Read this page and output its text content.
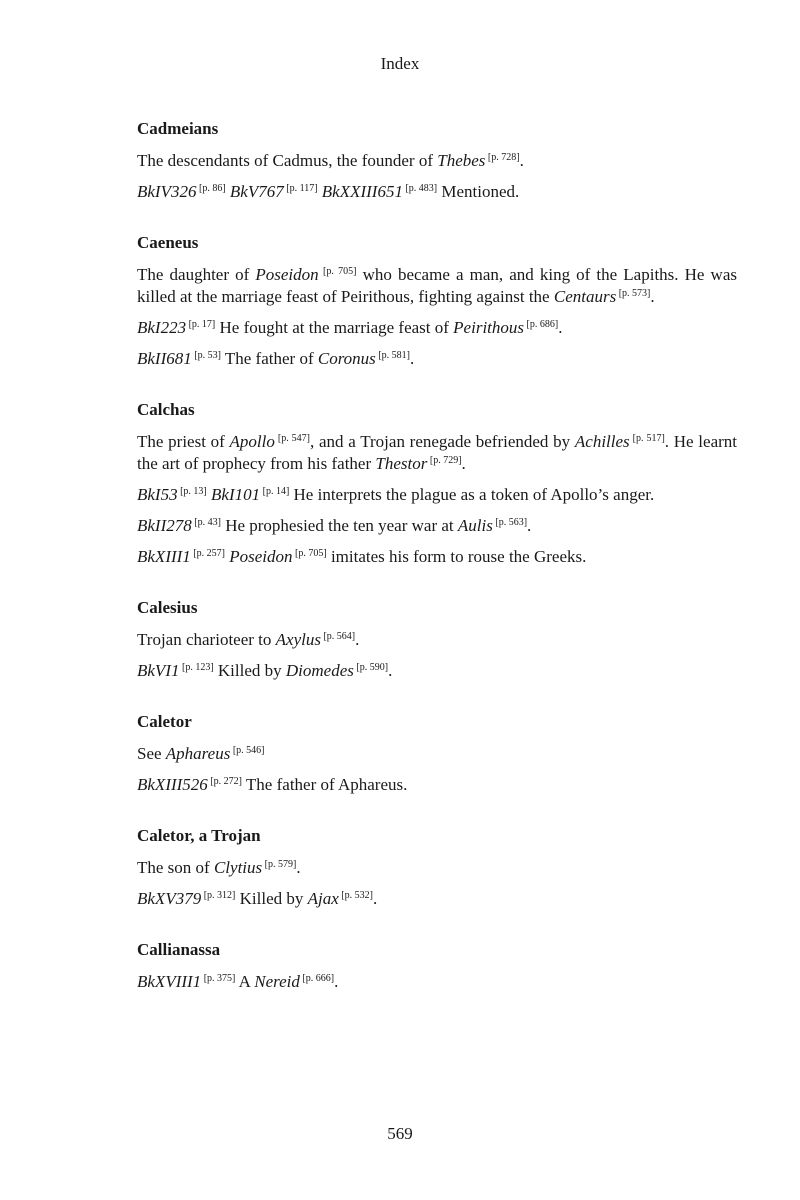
Index
Cadmeians
The descendants of Cadmus, the founder of Thebes [p. 728].
BkIV326 [p. 86] BkV767 [p. 117] BkXXIII651 [p. 483] Mentioned.
Caeneus
The daughter of Poseidon [p. 705] who became a man, and king of the Lapiths. He was killed at the marriage feast of Peirithous, fighting against the Centaurs [p. 573].
BkI223 [p. 17] He fought at the marriage feast of Peirithous [p. 686].
BkII681 [p. 53] The father of Coronus [p. 581].
Calchas
The priest of Apollo [p. 547], and a Trojan renegade befriended by Achilles [p. 517]. He learnt the art of prophecy from his father Thestor [p. 729].
BkI53 [p. 13] BkI101 [p. 14] He interprets the plague as a token of Apollo’s anger.
BkII278 [p. 43] He prophesied the ten year war at Aulis [p. 563].
BkXIII1 [p. 257] Poseidon [p. 705] imitates his form to rouse the Greeks.
Calesius
Trojan charioteer to Axylus [p. 564].
BkVI1 [p. 123] Killed by Diomedes [p. 590].
Caletor
See Aphareus [p. 546]
BkXIII526 [p. 272] The father of Aphareus.
Caletor, a Trojan
The son of Clytius [p. 579].
BkXV379 [p. 312] Killed by Ajax [p. 532].
Callianassa
BkXVIII1 [p. 375] A Nereid [p. 666].
569
